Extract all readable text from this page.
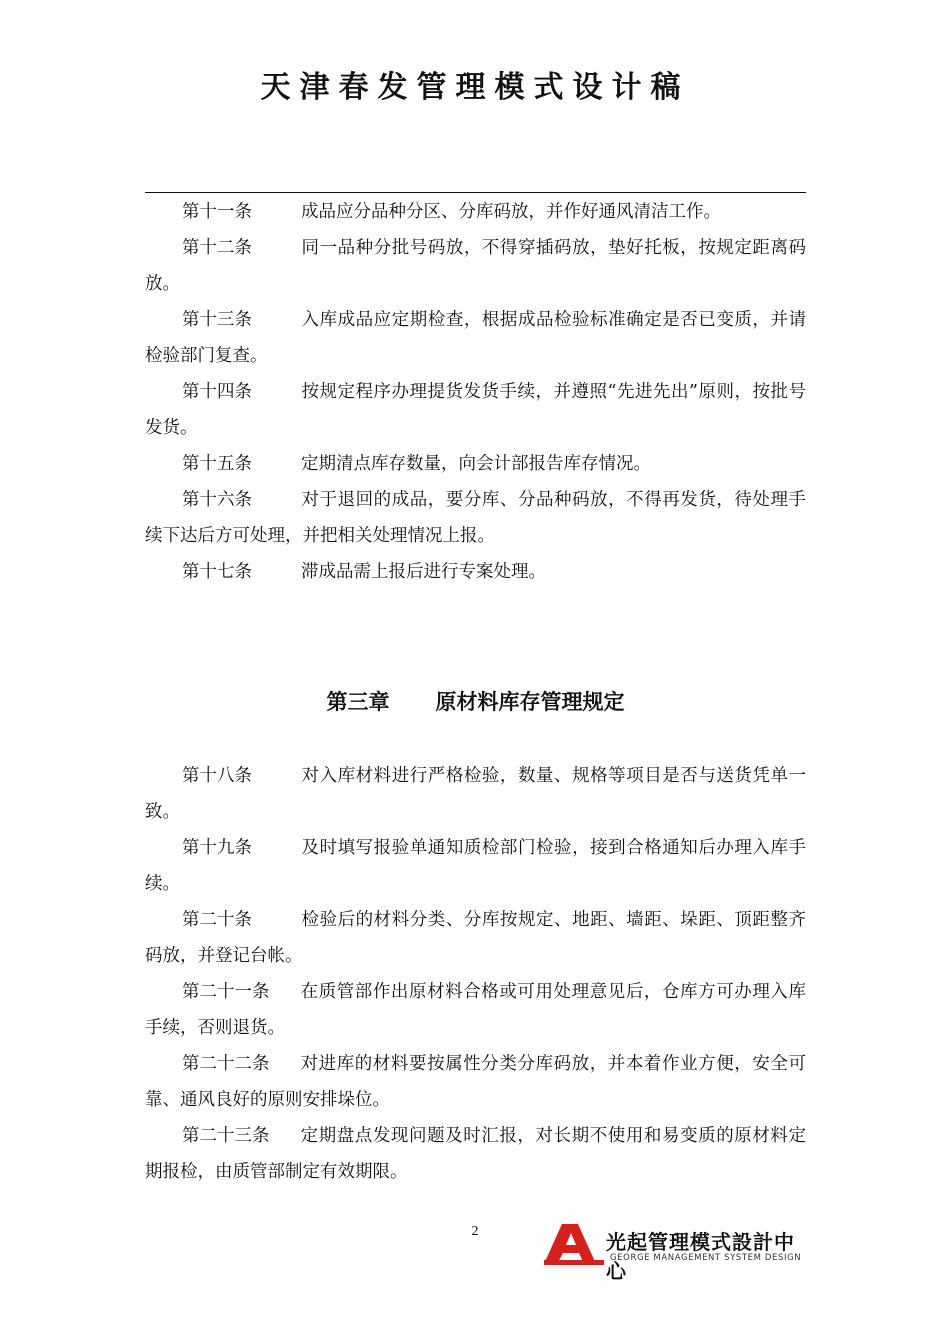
天津春发管理模式设计稿

第十一条	成品应分品种分区、分库码放，并作好通风清洁工作。

第十二条	同一品种分批号码放，不得穿插码放，垫好托板，按规定距离码放。

第十三条	入库成品应定期检查，根据成品检验标准确定是否已变质，并请检验部门复查。

第十四条	按规定程序办理提货发货手续，并遵照“先进先出”原则，按批号发货。

第十五条	定期清点库存数量，向会计部报告库存情况。

第十六条	对于退回的成品，要分库、分品种码放，不得再发货，待处理手续下达后方可处理，并把相关处理情况上报。

第十七条	滞成品需上报后进行专案处理。

第三章 原材料库存管理规定

第十八条	对入库材料进行严格检验，数量、规格等项目是否与送货凭单一致。

第十九条	及时填写报验单通知质检部门检验，接到合格通知后办理入库手续。

第二十条	检验后的材料分类、分库按规定、地距、墙距、垛距、顶距整齐码放，并登记台帐。

第二十一条 在质管部作出原材料合格或可用处理意见后，仓库方可办理入库手续，否则退货。

第二十二条 对进库的材料要按属性分类分库码放，并本着作业方便，安全可靠、通风良好的原则安排垛位。

第二十三条 定期盘点发现问题及时汇报，对长期不使用和易变质的原材料定期报检，由质管部制定有效期限。

2	光起管理模式設計中心
GEORGE MANAGEMENT SYSTEM DESIGN
